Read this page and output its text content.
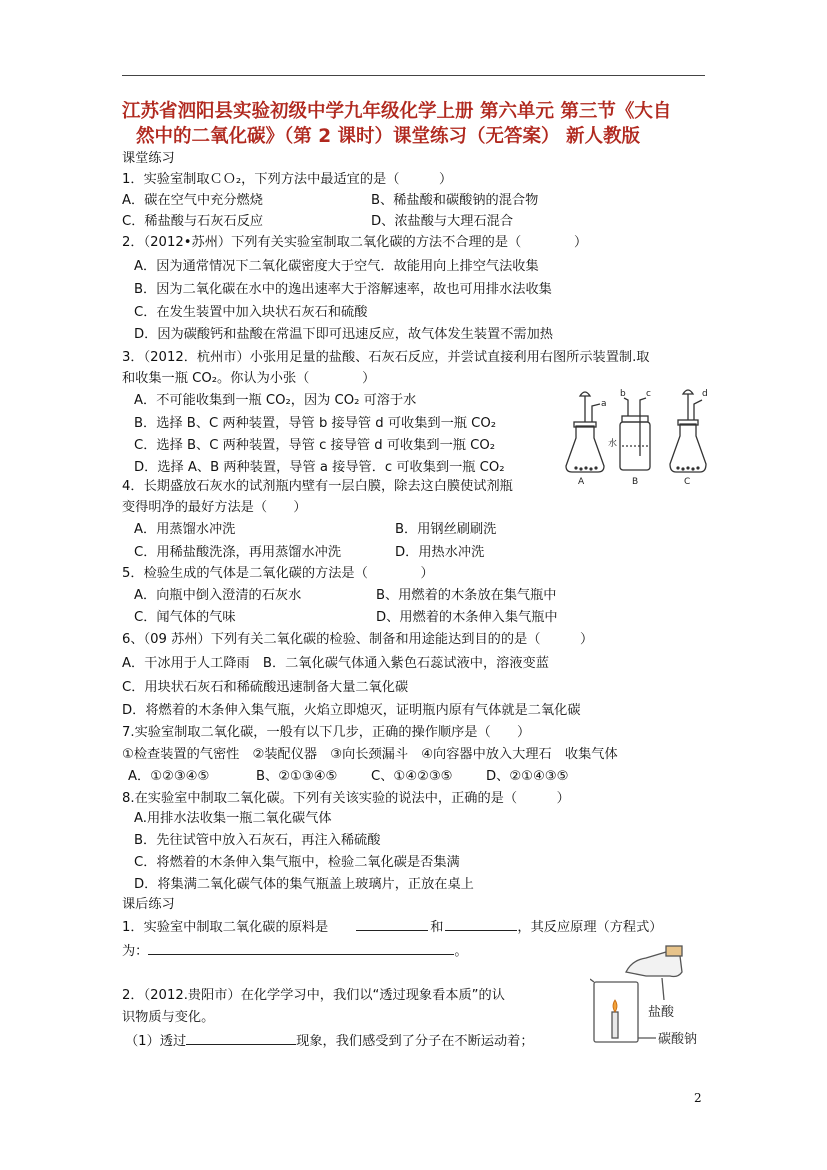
江苏省泗阳县实验初级中学九年级化学上册 第六单元 第三节《大自
然中的二氧化碳》（第 2 课时）课堂练习（无答案） 新人教版
课堂练习
1．实验室制取ＣＯ₂，下列方法中最适宜的是（　　　）
A．碳在空气中充分燃烧	B、稀盐酸和碳酸钠的混合物
C．稀盐酸与石灰石反应	D、浓盐酸与大理石混合
2．（2012•苏州）下列有关实验室制取二氧化碳的方法不合理的是（　　　　）
A．因为通常情况下二氧化碳密度大于空气．故能用向上排空气法收集
B．因为二氧化碳在水中的逸出速率大于溶解速率，故也可用排水法收集
C．在发生装置中加入块状石灰石和硫酸
D．因为碳酸钙和盐酸在常温下即可迅速反应，故气体发生装置不需加热
3．（2012．杭州市）小张用足量的盐酸、石灰石反应，并尝试直接利用右图所示装置制.取
和收集一瓶 CO₂。你认为小张（　　　　）
A．不可能收集到一瓶 CO₂，因为 CO₂ 可溶于水
B．选择 B、C 两种装置，导管 b 接导管 d 可收集到一瓶 CO₂
C．选择 B、C 两种装置，导管 c 接导管 d 可收集到一瓶 CO₂
D．选择 A、B 两种装置，导管 a 接导管．c 可收集到一瓶 CO₂
a
b c	d
水
A	B	C
4．长期盛放石灰水的试剂瓶内壁有一层白膜，除去这白膜使试剂瓶
变得明净的最好方法是（　　）
A．用蒸馏水冲洗	B．用钢丝刷刷洗
C．用稀盐酸洗涤，再用蒸馏水冲洗	D．用热水冲洗
5．检验生成的气体是二氧化碳的方法是（　　　　）
A．向瓶中倒入澄清的石灰水	B、用燃着的木条放在集气瓶中
C．闻气体的气味	D、用燃着的木条伸入集气瓶中
6、（09 苏州）下列有关二氧化碳的检验、制备和用途能达到目的的是（　　　）
A．干冰用于人工降雨　B．二氧化碳气体通入紫色石蕊试液中，溶液变蓝
C．用块状石灰石和稀硫酸迅速制备大量二氧化碳
D．将燃着的木条伸入集气瓶，火焰立即熄灭，证明瓶内原有气体就是二氧化碳
7.实验室制取二氧化碳，一般有以下几步，正确的操作顺序是（　　）
①检查装置的气密性　②装配仪器　③向长颈漏斗　④向容器中放入大理石　收集气体
A．①②③④⑤	B、②①③④⑤	C、①④②③⑤	D、②①④③⑤
8.在实验室中制取二氧化碳。下列有关该实验的说法中，正确的是（　　　）
A.用排水法收集一瓶二氧化碳气体
B．先往试管中放入石灰石，再注入稀硫酸
C．将燃着的木条伸入集气瓶中，检验二氧化碳是否集满
D．将集满二氧化碳气体的集气瓶盖上玻璃片，正放在桌上
课后练习
1．实验室中制取二氧化碳的原料是	和	，其反应原理（方程式）
为：	。
2．（2012.贵阳市）在化学学习中，我们以“透过现象看本质”的认
识物质与变化。
（1）透过	现象，我们感受到了分子在不断运动着；
盐酸
碳酸钠
2
